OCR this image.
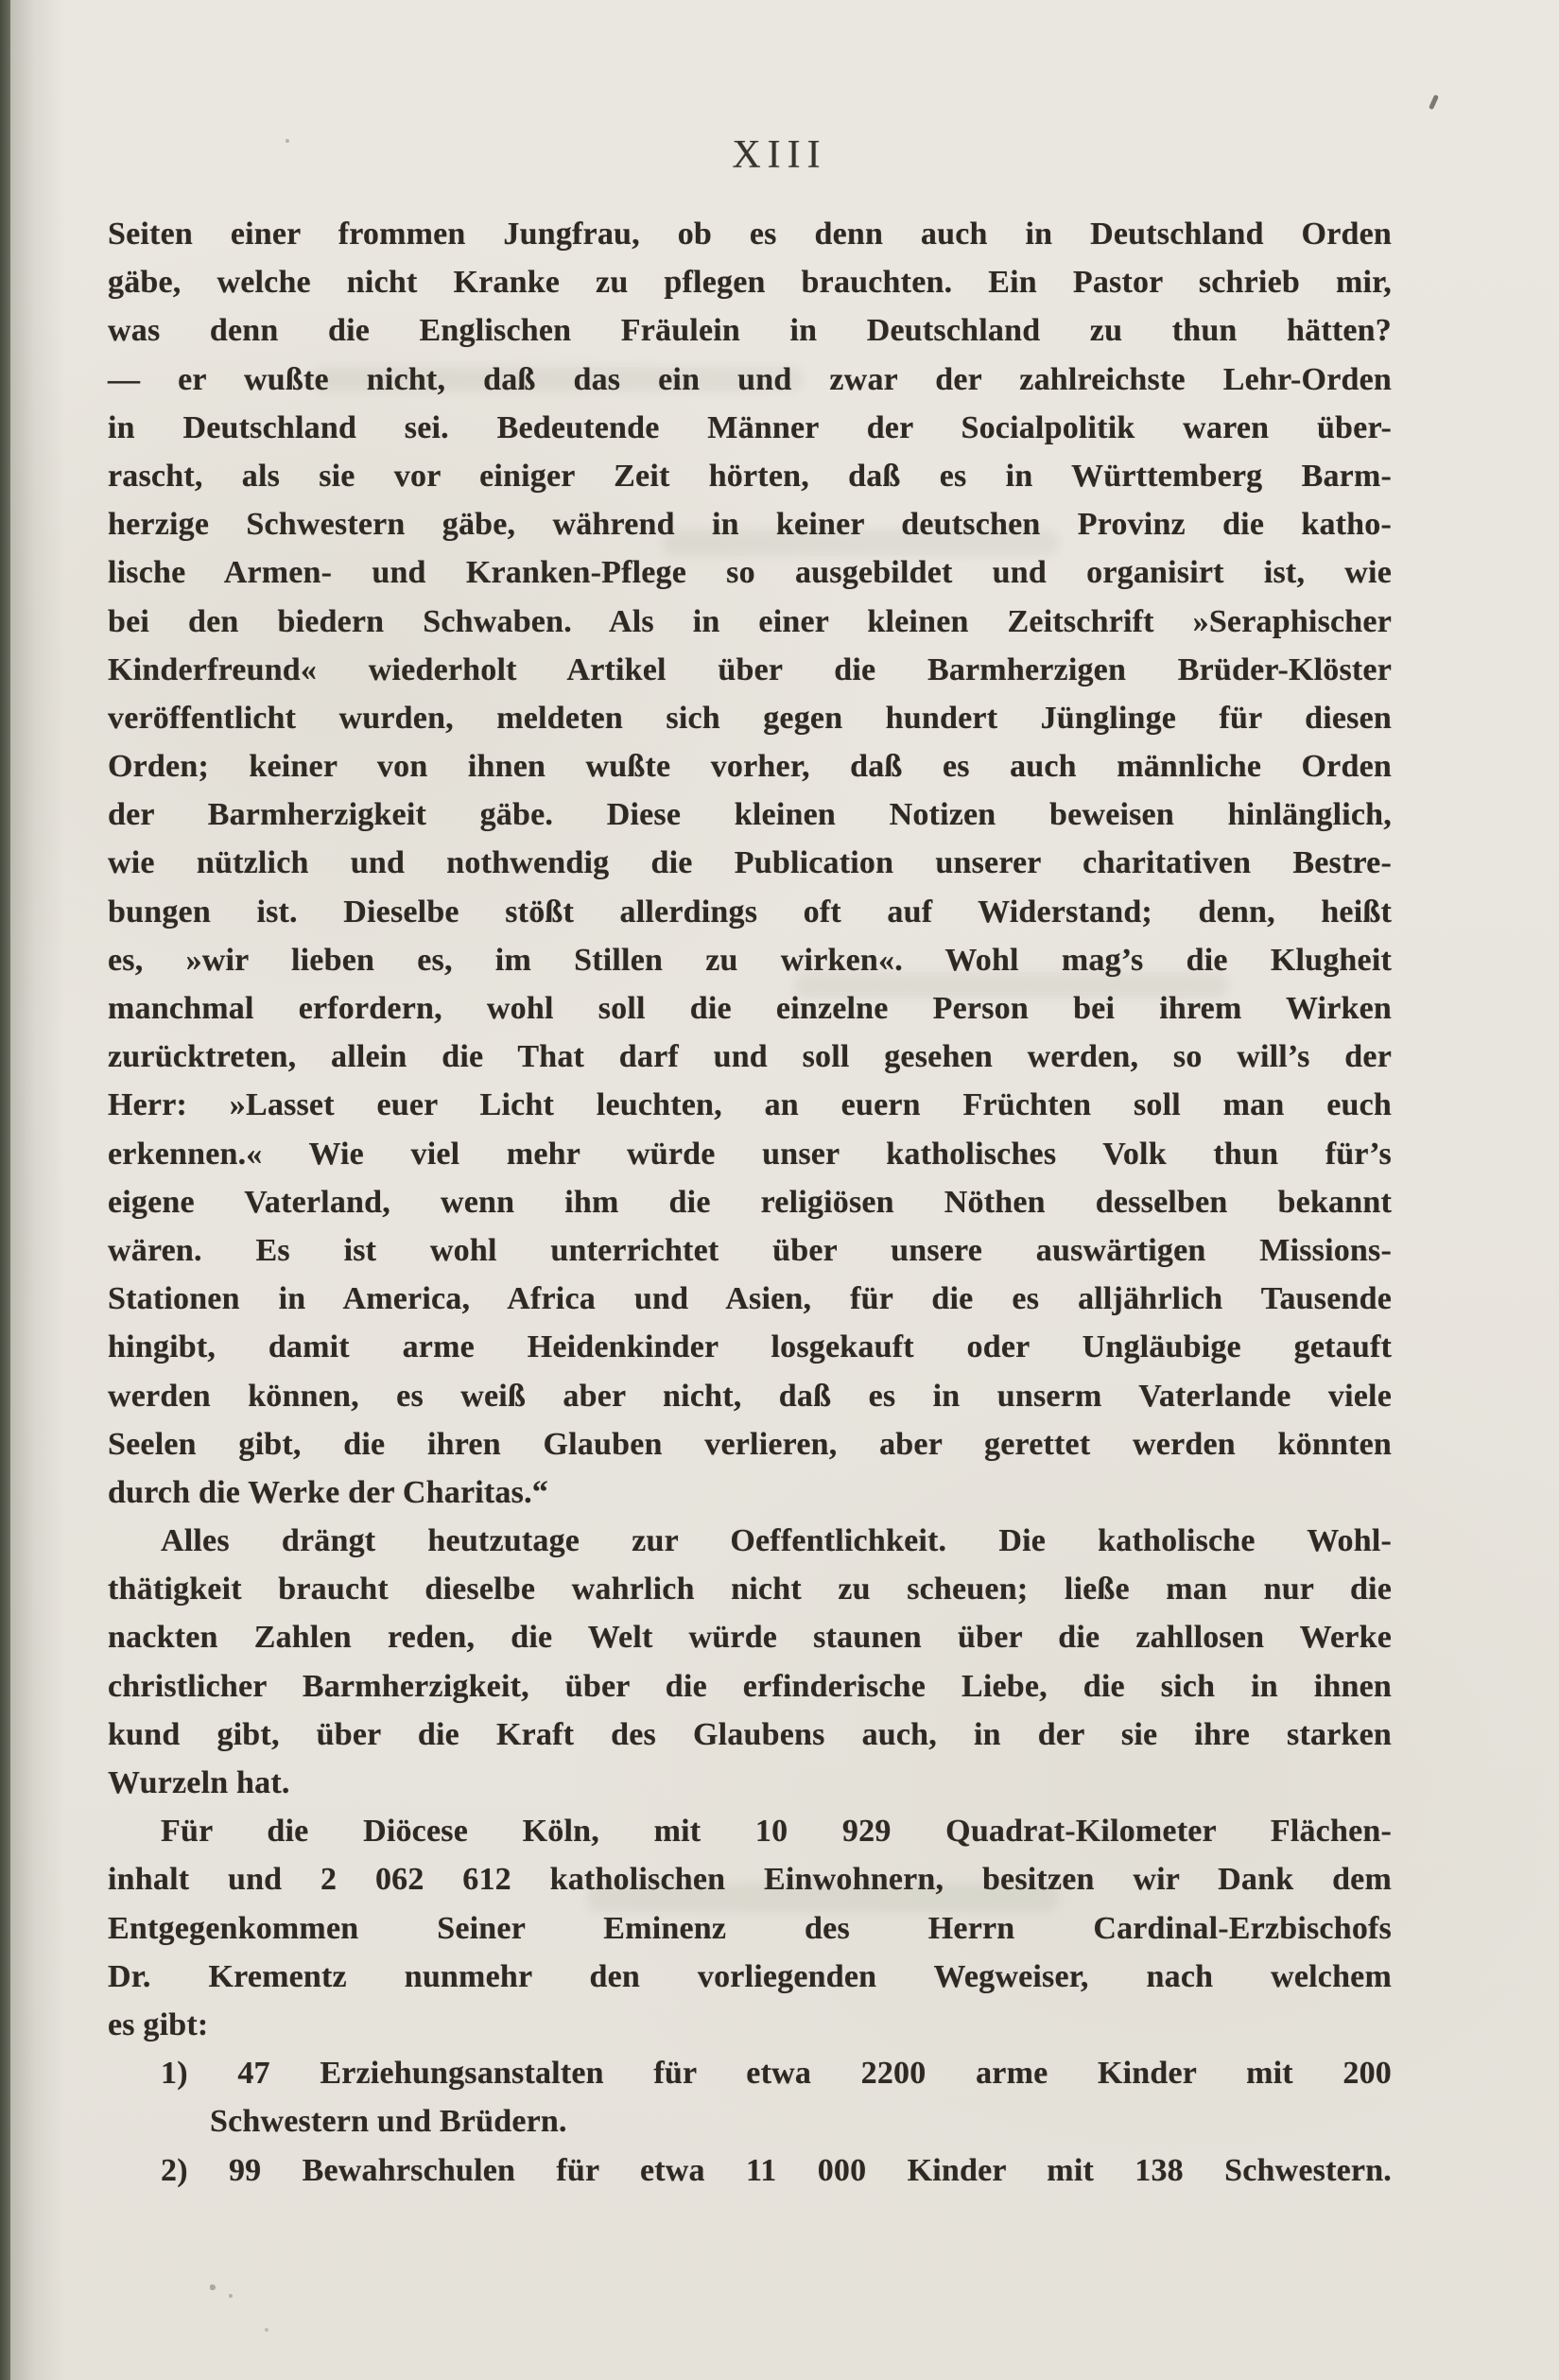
XIII
Seiten einer frommen Jungfrau, ob es denn auch in Deutschland Orden
gäbe, welche nicht Kranke zu pflegen brauchten. Ein Pastor schrieb mir,
was denn die Englischen Fräulein in Deutschland zu thun hätten?
— er wußte nicht, daß das ein und zwar der zahlreichste Lehr-Orden
in Deutschland sei. Bedeutende Männer der Socialpolitik waren über-
rascht, als sie vor einiger Zeit hörten, daß es in Württemberg Barm-
herzige Schwestern gäbe, während in keiner deutschen Provinz die katho-
lische Armen- und Kranken-Pflege so ausgebildet und organisirt ist, wie
bei den biedern Schwaben. Als in einer kleinen Zeitschrift »Seraphischer
Kinderfreund« wiederholt Artikel über die Barmherzigen Brüder-Klöster
veröffentlicht wurden, meldeten sich gegen hundert Jünglinge für diesen
Orden; keiner von ihnen wußte vorher, daß es auch männliche Orden
der Barmherzigkeit gäbe. Diese kleinen Notizen beweisen hinlänglich,
wie nützlich und nothwendig die Publication unserer charitativen Bestre-
bungen ist. Dieselbe stößt allerdings oft auf Widerstand; denn, heißt
es, »wir lieben es, im Stillen zu wirken«. Wohl mag’s die Klugheit
manchmal erfordern, wohl soll die einzelne Person bei ihrem Wirken
zurücktreten, allein die That darf und soll gesehen werden, so will’s der
Herr: »Lasset euer Licht leuchten, an euern Früchten soll man euch
erkennen.« Wie viel mehr würde unser katholisches Volk thun für’s
eigene Vaterland, wenn ihm die religiösen Nöthen desselben bekannt
wären. Es ist wohl unterrichtet über unsere auswärtigen Missions-
Stationen in America, Africa und Asien, für die es alljährlich Tausende
hingibt, damit arme Heidenkinder losgekauft oder Ungläubige getauft
werden können, es weiß aber nicht, daß es in unserm Vaterlande viele
Seelen gibt, die ihren Glauben verlieren, aber gerettet werden könnten
durch die Werke der Charitas.“
Alles drängt heutzutage zur Oeffentlichkeit. Die katholische Wohl-
thätigkeit braucht dieselbe wahrlich nicht zu scheuen; ließe man nur die
nackten Zahlen reden, die Welt würde staunen über die zahllosen Werke
christlicher Barmherzigkeit, über die erfinderische Liebe, die sich in ihnen
kund gibt, über die Kraft des Glaubens auch, in der sie ihre starken
Wurzeln hat.
Für die Diöcese Köln, mit 10 929 Quadrat-Kilometer Flächen-
inhalt und 2 062 612 katholischen Einwohnern, besitzen wir Dank dem
Entgegenkommen Seiner Eminenz des Herrn Cardinal-Erzbischofs
Dr. Krementz nunmehr den vorliegenden Wegweiser, nach welchem
es gibt:
1) 47 Erziehungsanstalten für etwa 2200 arme Kinder mit 200
Schwestern und Brüdern.
2) 99 Bewahrschulen für etwa 11 000 Kinder mit 138 Schwestern.
